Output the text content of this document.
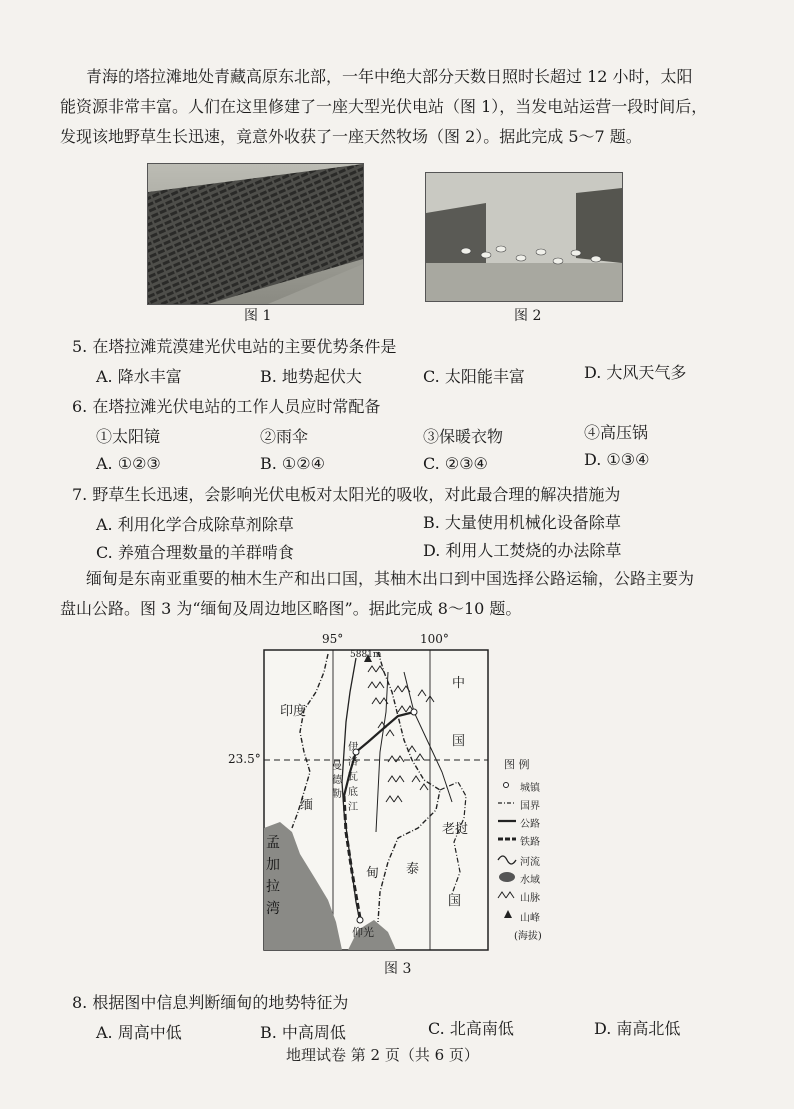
青海的塔拉滩地处青藏高原东北部，一年中绝大部分天数日照时长超过 12 小时，太阳
能资源非常丰富。人们在这里修建了一座大型光伏电站（图 1），当发电站运营一段时间后，
发现该地野草生长迅速，竟意外收获了一座天然牧场（图 2）。据此完成 5～7 题。
图 1	图 2
5. 在塔拉滩荒漠建光伏电站的主要优势条件是
A. 降水丰富	B. 地势起伏大	C. 太阳能丰富	D. 大风天气多
6. 在塔拉滩光伏电站的工作人员应时常配备
①太阳镜	②雨伞	③保暖衣物	④高压锅
A. ①②③	B. ①②④	C. ②③④	D. ①③④
7. 野草生长迅速，会影响光伏电板对太阳光的吸收，对此最合理的解决措施为
A. 利用化学合成除草剂除草	B. 大量使用机械化设备除草
C. 养殖合理数量的羊群啃食	D. 利用人工焚烧的办法除草
缅甸是东南亚重要的柚木生产和出口国，其柚木出口到中国选择公路运输，公路主要为
盘山公路。图 3 为“缅甸及周边地区略图”。据此完成 8～10 题。
95°	100°
23.5°
5881m
印度
中
国
缅
甸
老挝
泰
国
伊洛瓦底江
曼德勒
孟加拉湾
仰光
图 例
城镇
国界
公路
铁路
河流
水域
山脉
山峰
(海拔)
图 3
8. 根据图中信息判断缅甸的地势特征为
A. 周高中低	B. 中高周低	C. 北高南低	D. 南高北低
地理试卷 第 2 页（共 6 页）
